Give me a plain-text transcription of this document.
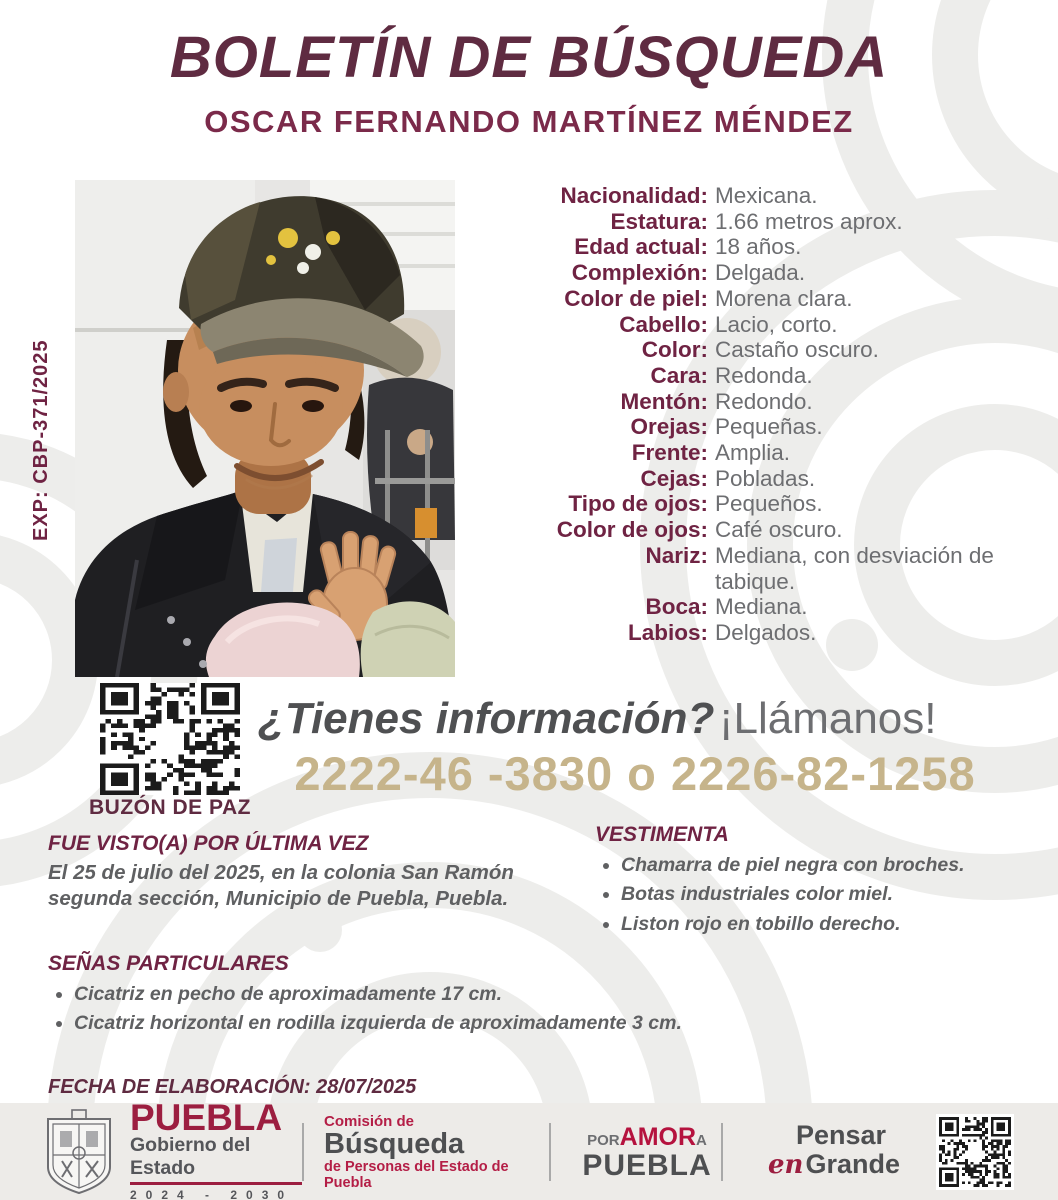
BOLETÍN DE BÚSQUEDA
OSCAR FERNANDO MARTÍNEZ MÉNDEZ
EXP: CBP-371/2025
Nacionalidad: Mexicana.
Estatura: 1.66 metros aprox.
Edad actual: 18 años.
Complexión: Delgada.
Color de piel: Morena clara.
Cabello: Lacio, corto.
Color: Castaño oscuro.
Cara: Redonda.
Mentón: Redondo.
Orejas: Pequeñas.
Frente: Amplia.
Cejas: Pobladas.
Tipo de ojos: Pequeños.
Color de ojos: Café oscuro.
Nariz: Mediana, con desviación de tabique.
Boca: Mediana.
Labios: Delgados.
BUZÓN DE PAZ
¿Tienes información? ¡Llámanos!
2222-46 -3830 o 2226-82-1258
FUE VISTO(A) POR ÚLTIMA VEZ

El 25 de julio del 2025, en la colonia San Ramón segunda sección, Municipio de Puebla, Puebla.

VESTIMENTA
• Chamarra de piel negra con broches.
• Botas industriales color miel.
• Liston rojo en tobillo derecho.
SEÑAS PARTICULARES
• Cicatriz en pecho de aproximadamente 17 cm.
• Cicatriz horizontal en rodilla izquierda de aproximadamente 3 cm.
FECHA DE ELABORACIÓN: 28/07/2025
PUEBLA
Gobierno del Estado
2024 - 2030
Comisión de
Búsqueda
de Personas del Estado de Puebla
PORAMORA
PUEBLA
Pensar
enGrande
